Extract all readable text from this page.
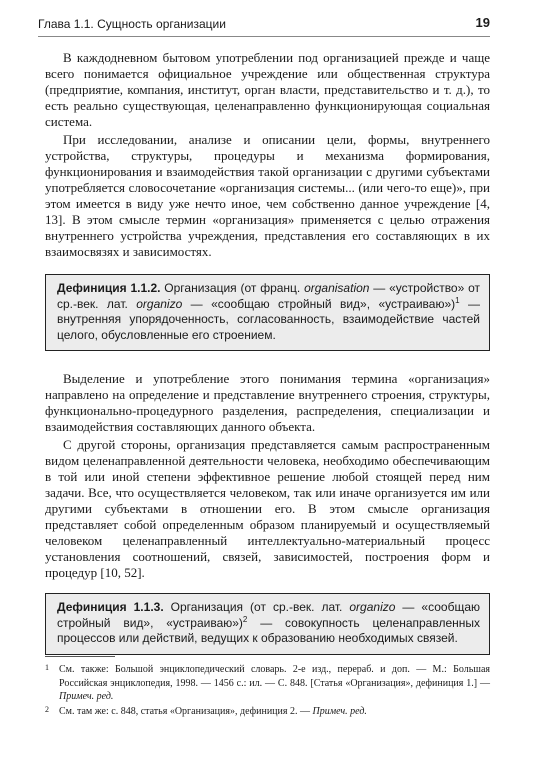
Глава 1.1. Сущность организации	19

В каждодневном бытовом употреблении под организацией прежде и чаще всего понимается официальное учреждение или общественная структура (предприятие, компания, институт, орган власти, представительство и т. д.), то есть реально существующая, целенаправленно функционирующая социальная система.

При исследовании, анализе и описании цели, формы, внутреннего устройства, структуры, процедуры и механизма формирования, функционирования и взаимодействия такой организации с другими субъектами употребляется словосочетание «организация системы... (или чего-то еще)», при этом имеется в виду уже нечто иное, чем собственно данное учреждение [4, 13]. В этом смысле термин «организация» применяется с целью отражения внутреннего устройства учреждения, представления его составляющих в их взаимосвязях и зависимостях.

Дефиниция 1.1.2. Организация (от франц. organisation — «устройство» от ср.-век. лат. organizo — «сообщаю стройный вид», «устраиваю»)$^1$ — внутренняя упорядоченность, согласованность, взаимодействие частей целого, обусловленные его строением.

Выделение и употребление этого понимания термина «организация» направлено на определение и представление внутреннего строения, структуры, функционально-процедурного разделения, распределения, специализации и взаимодействия составляющих данного объекта.

С другой стороны, организация представляется самым распространенным видом целенаправленной деятельности человека, необходимо обеспечивающим в той или иной степени эффективное решение любой стоящей перед ним задачи. Все, что осуществляется человеком, так или иначе организуется им или другими субъектами в отношении его. В этом смысле организация представляет собой определенным образом планируемый и осуществляемый человеком целенаправленный интеллектуально-материальный процесс установления соотношений, связей, зависимостей, построения форм и процедур [10, 52].

Дефиниция 1.1.3. Организация (от ср.-век. лат. organizo — «сообщаю стройный вид», «устраиваю»)$^2$ — совокупность целенаправленных процессов или действий, ведущих к образованию необходимых связей.
1 См. также: Большой энциклопедический словарь. 2-е изд., перераб. и доп. — М.: Большая Российская энциклопедия, 1998. — 1456 с.: ил. — С. 848. [Статья «Организация», дефиниция 1.] — Примеч. ред.
2 См. там же: с. 848, статья «Организация», дефиниция 2. — Примеч. ред.
